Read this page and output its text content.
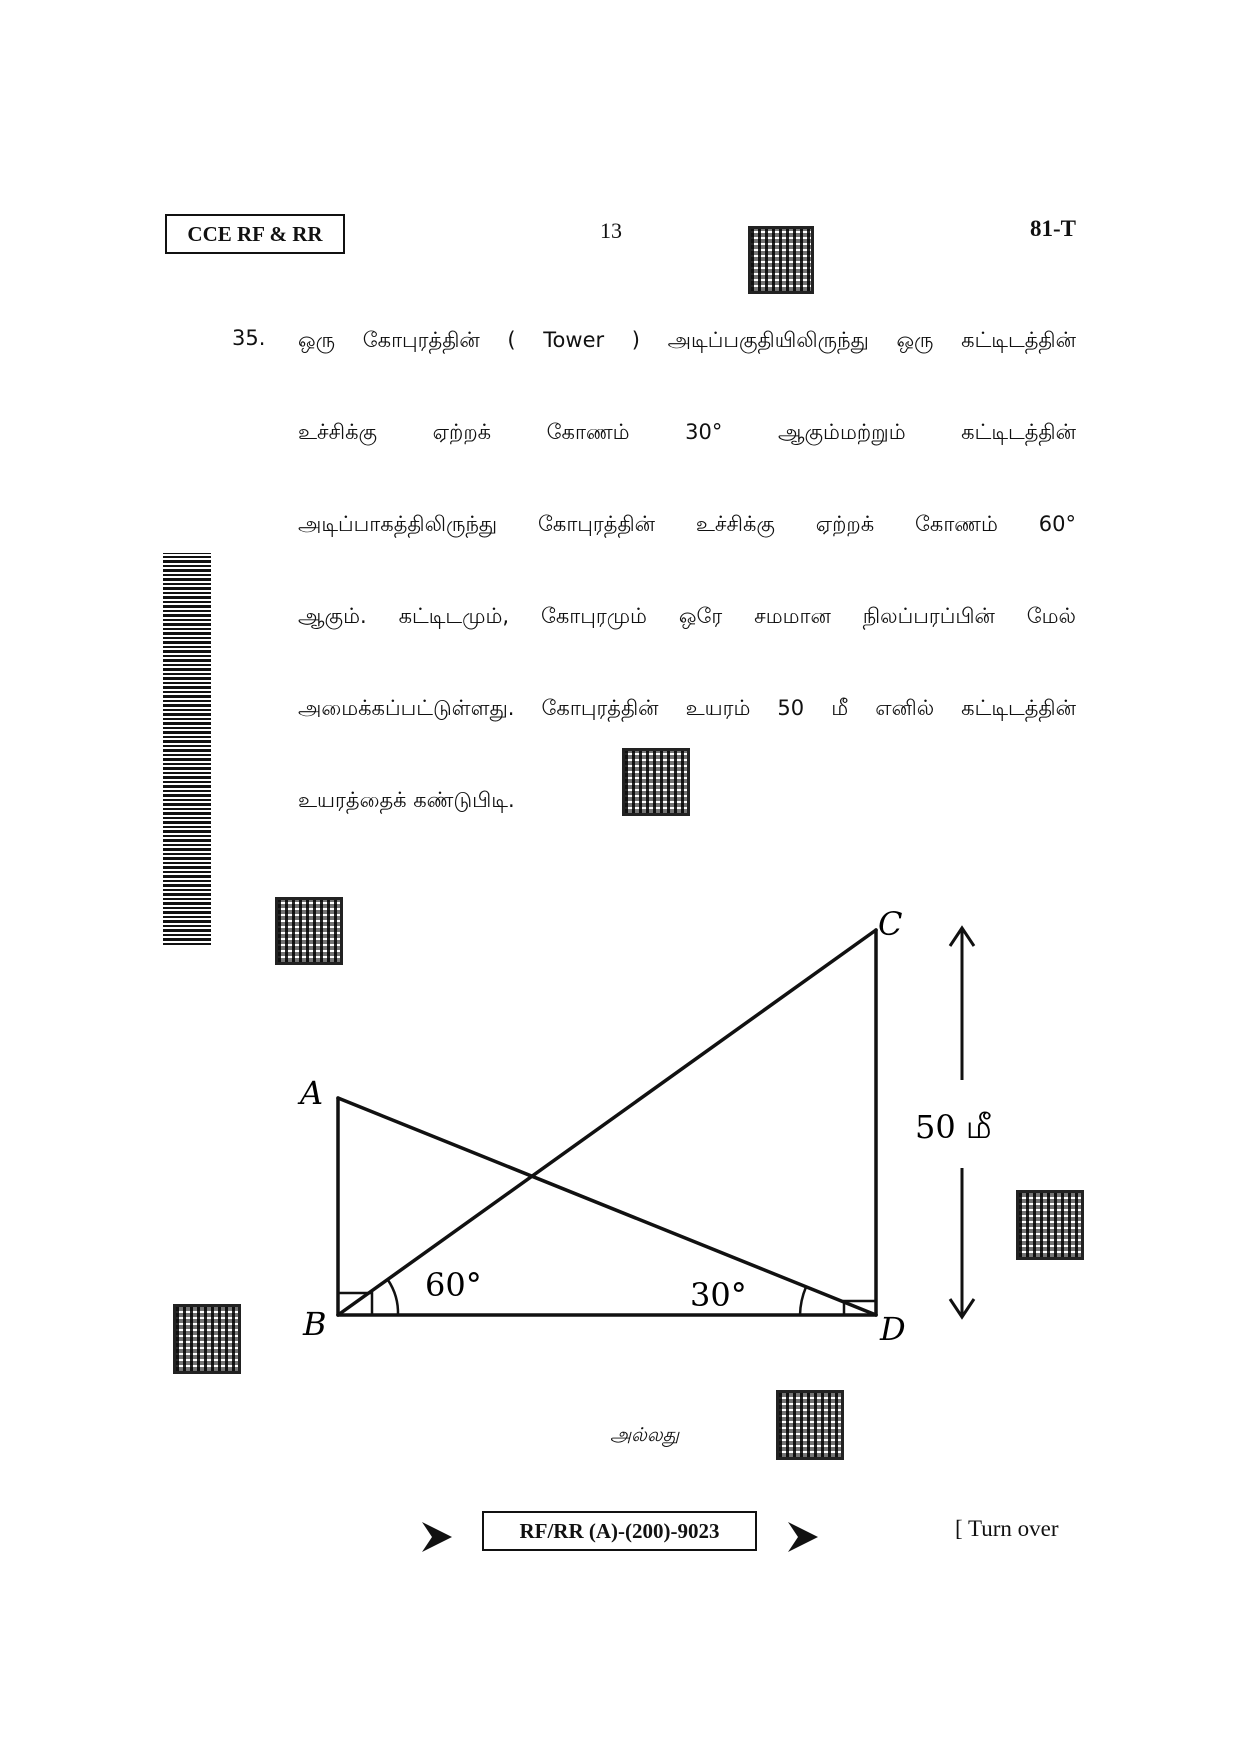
CCE RF & RR	13	81-T
35. ஒரு கோபுரத்தின் ( Tower ) அடிப்பகுதியிலிருந்து ஒரு கட்டிடத்தின்
உச்சிக்கு ஏற்றக் கோணம் 30° ஆகும்மற்றும் கட்டிடத்தின்
அடிப்பாகத்திலிருந்து கோபுரத்தின் உச்சிக்கு ஏற்றக் கோணம் 60°
ஆகும். கட்டிடமும், கோபுரமும் ஒரே சமமான நிலப்பரப்பின் மேல்
அமைக்கப்பட்டுள்ளது. கோபுரத்தின் உயரம் 50 மீ எனில் கட்டிடத்தின்
உயரத்தைக் கண்டுபிடி.
A
B
C
D
60°	30°
50 மீ
அல்லது
RF/RR (A)-(200)-9023	[ Turn over
